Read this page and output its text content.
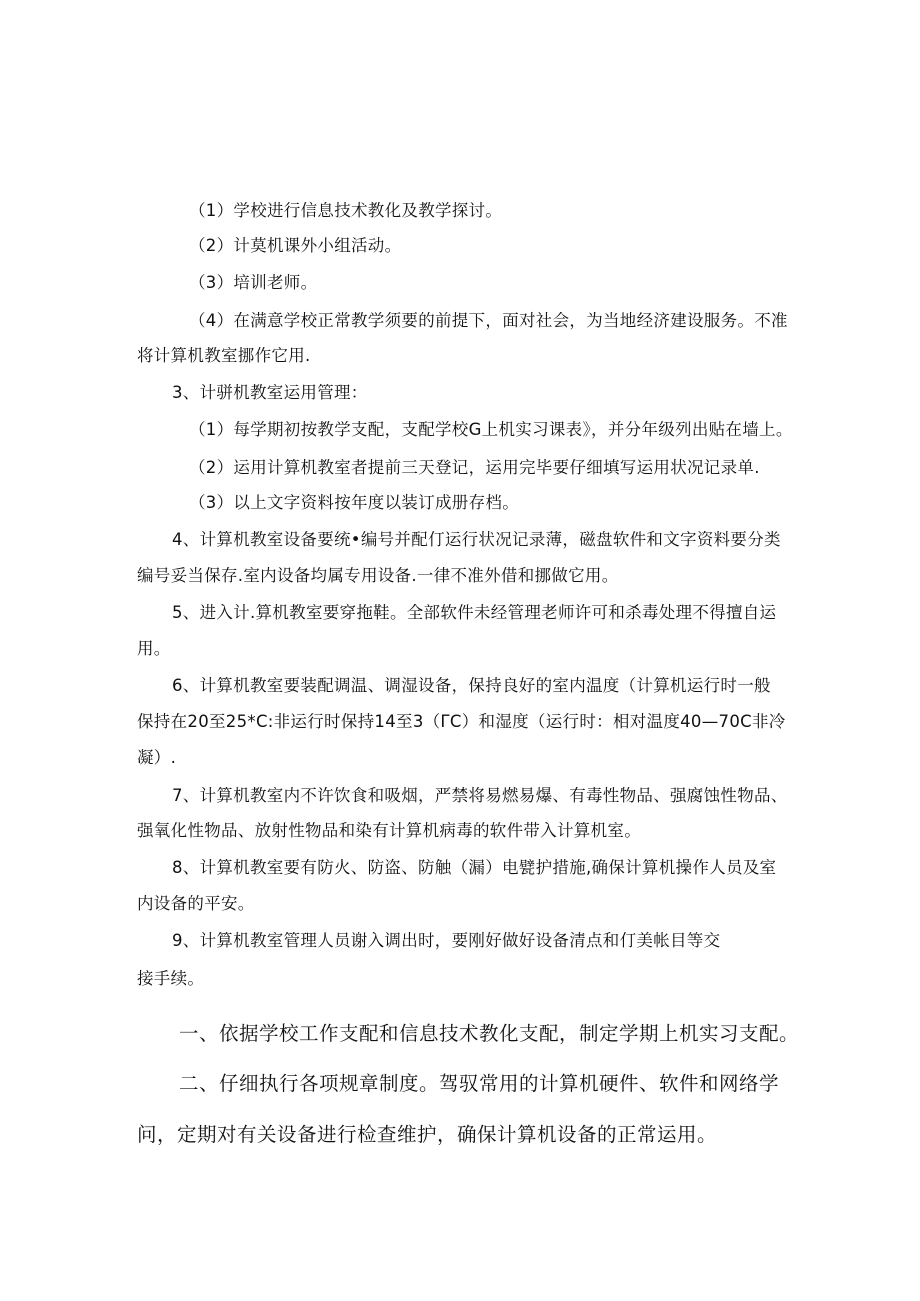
（1）学校进行信息技术教化及教学探讨。
（2）计莫机课外小组活动。
（3）培训老师。
（4）在满意学校正常教学须要的前提下，面对社会，为当地经济建设服务。不准
将计算机教室挪作它用.
3、计骈机教室运用管理：
（1）每学期初按教学支配，支配学校G上机实习课表》，并分年级列出贴在墙上。
（2）运用计算机教室者提前三天登记，运用完毕要仔细填写运用状况记录单.
（3）以上文字资料按年度以装订成册存档。
4、计算机教室设备要统•编号并配仃运行状况记录薄，磁盘软件和文字资料要分类
编号妥当保存.室内设备均属专用设备.一律不准外借和挪做它用。
5、进入计.算机教室要穿拖鞋。全部软件未经管理老师许可和杀毒处理不得擅自运
用。
6、计算机教室要装配调温、调湿设备，保持良好的室内温度（计算机运行时一般
保持在20至25*C:非运行时保持14至3（ΓC）和湿度（运行时：相对温度40—70C非冷
凝）.
7、计算机教室内不许饮食和吸烟，严禁将易燃易爆、有毒性物品、强腐蚀性物品、
强氧化性物品、放射性物品和染有计算机病毒的软件带入计算机室。
8、计算机教室要有防火、防盗、防触（漏）电甓护措施,确保计算机操作人员及室
内设备的平安。
9、计算机教室管理人员谢入调出时，要刚好做好设备清点和仃美帐目等交
接手续。
一、依据学校工作支配和信息技术教化支配，制定学期上机实习支配。
二、仔细执行各项规章制度。驾驭常用的计算机硬件、软件和网络学
问，定期对有关设备进行检查维护，确保计算机设备的正常运用。
